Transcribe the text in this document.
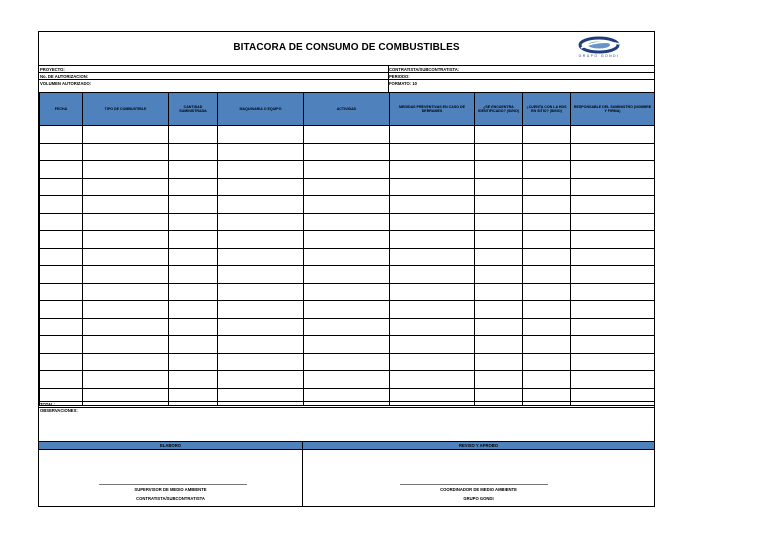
BITACORA DE CONSUMO DE COMBUSTIBLES
GRUPO GONDI
PROYECTO:
No. DE AUTORIZACION:
VOLUMEN AUTORIZADO:
CONTRATISTA/SUBCONTRATISTA:
PERIODO:
FORMATO: 10
FECHA	TIPO DE COMBUSTIBLE	CANTIDAD SUMINISTRADA	MAQUINARIA O EQUIPO	ACTIVIDAD	MEDIDAS PREVENTIVAS EN CASO DE DERRAMES	¿SE ENCUENTRA IDENTIFICADO? (SI/NO)	¿CUENTA CON LA HDS EN SITIO? (SI/NO)	RESPONSABLE DEL SUMINISTRO (NOMBRE Y FIRMA)

TOTAL:
OBSERVACIONES:
ELABORO	REVISO Y APROBO
SUPERVISOR DE MEDIO AMBIENTE
CONTRATISTA/SUBCONTRATISTA
COORDINADOR DE MEDIO AMBIENTE
GRUPO GONDI
